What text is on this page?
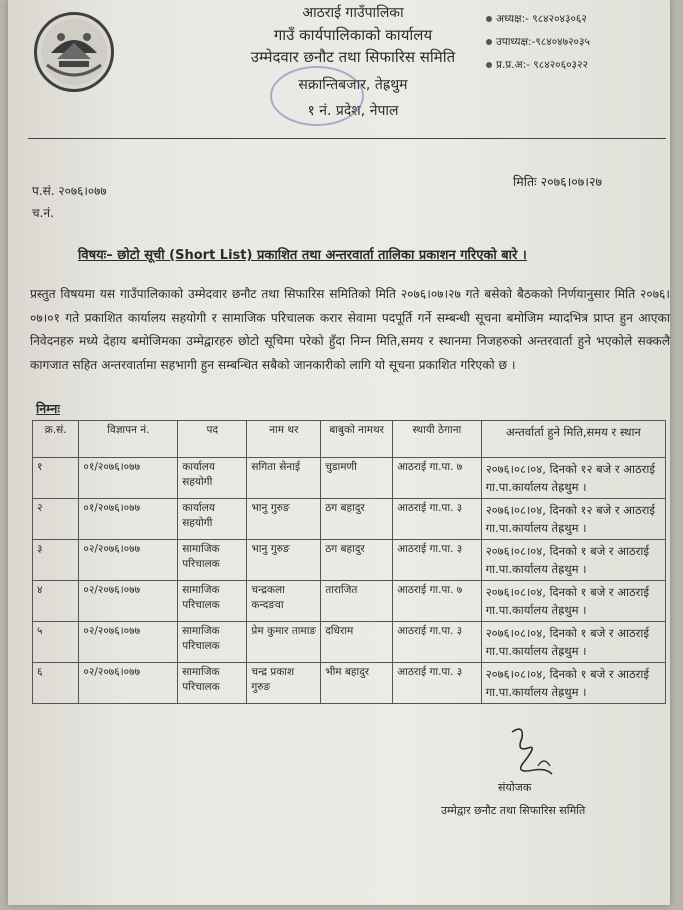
आठराई गाउँपालिका
गाउँ कार्यपालिकाको कार्यालय
उम्मेदवार छनौट तथा सिफारिस समिति
सक्रान्तिबजार, तेह्रथुम
१ नं. प्रदेश, नेपाल
अध्यक्ष:- ९८४२०४३०६२
उपाध्यक्ष:-९८४०४७२०३५
प्र.प्र.अ:- ९८४२०६०३२२
प.सं. २०७६।०७७
च.नं.
मितिः २०७६।०७।२७
विषयः– छोटो सूची (Short List) प्रकाशित तथा अन्तरवार्ता तालिका प्रकाशन गरिएको बारे ।
प्रस्तुत विषयमा यस गाउँपालिकाको उम्मेदवार छनौट तथा सिफारिस समितिको मिति २०७६।०७।२७ गते बसेको बैठकको निर्णयानुसार मिति २०७६।०७।०१ गते प्रकाशित कार्यालय सहयोगी र सामाजिक परिचालक करार सेवामा पदपूर्ति गर्ने सम्बन्धी सूचना बमोजिम म्यादभित्र प्राप्त हुन आएका निवेदनहरु मध्ये देहाय बमोजिमका उम्मेद्वारहरु छोटो सूचिमा परेको हुँदा निम्न मिति,समय र स्थानमा निजहरुको अन्तरवार्ता हुने भएकोले सक्कलै कागजात सहित अन्तरवार्तामा सहभागी हुन सम्बन्धित सबैको जानकारीको लागि यो सूचना प्रकाशित गरिएको छ ।
निम्नः
क्र.सं.	विज्ञापन नं.	पद	नाम थर	बाबुको नामथर	स्थायी ठेगाना	अन्तर्वार्ता हुने मिति,समय र स्थान
१	०१/२०७६।०७७	कार्यालय सहयोगी	सगिता सेनाई	चुडामणी	आठराई गा.पा. ७	२०७६।०८।०४, दिनको १२ बजे र आठराई गा.पा.कार्यालय तेह्रथुम ।
२	०१/२०७६।०७७	कार्यालय सहयोगी	भानु गुरुङ	ठग बहादुर	आठराई गा.पा. ३	२०७६।०८।०४, दिनको १२ बजे र आठराई गा.पा.कार्यालय तेह्रथुम ।
३	०२/२०७६।०७७	सामाजिक परिचालक	भानु गुरुङ	ठग बहादुर	आठराई गा.पा. ३	२०७६।०८।०४, दिनको १ बजे र आठराई गा.पा.कार्यालय तेह्रथुम ।
४	०२/२०७६।०७७	सामाजिक परिचालक	चन्द्रकला कन्दङवा	ताराजित	आठराई गा.पा. ७	२०७६।०८।०४, दिनको १ बजे र आठराई गा.पा.कार्यालय तेह्रथुम ।
५	०२/२०७६।०७७	सामाजिक परिचालक	प्रेम कुमार तामाङ	दधिराम	आठराई गा.पा. ३	२०७६।०८।०४, दिनको १ बजे र आठराई गा.पा.कार्यालय तेह्रथुम ।
६	०२/२०७६।०७७	सामाजिक परिचालक	चन्द्र प्रकाश गुरुङ	भीम बहादुर	आठराई गा.पा. ३	२०७६।०८।०४, दिनको १ बजे र आठराई गा.पा.कार्यालय तेह्रथुम ।
संयोजक
उम्मेद्वार छनौट तथा सिफारिस समिति
